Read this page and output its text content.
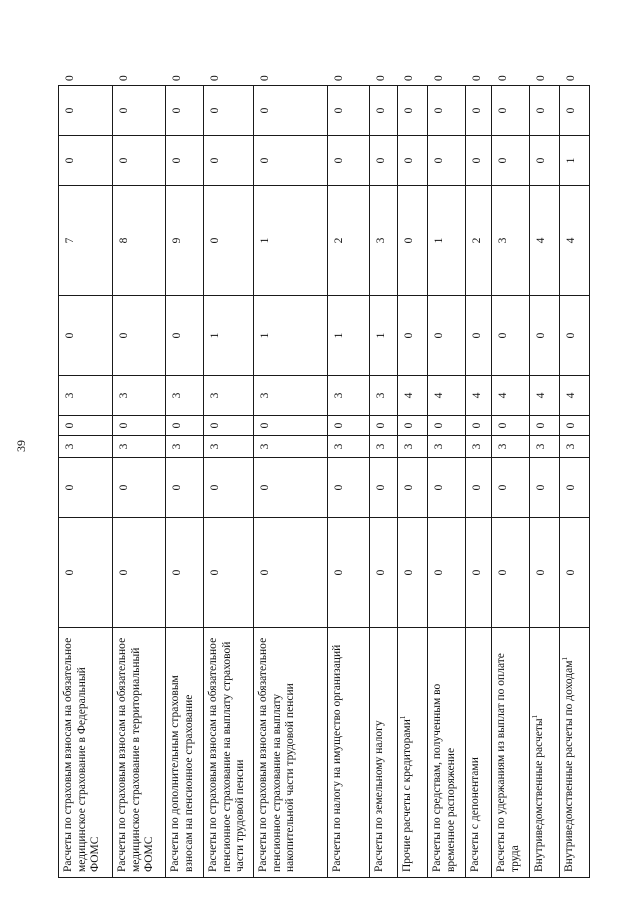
39
Расчеты по страховым взносам на обязательное медицинское страхование в Федеральный ФОМС	0	0	3	0	3	0	7	0	0	0
Расчеты по страховым взносам на обязательное медицинское страхование в территориальный ФОМС	0	0	3	0	3	0	8	0	0	0
Расчеты по дополнительным страховым взносам на пенсионное страхование	0	0	3	0	3	0	9	0	0	0
Расчеты по страховым взносам на обязательное пенсионное страхование на выплату страховой части трудовой пенсии	0	0	3	0	3	1	0	0	0	0
Расчеты по страховым взносам на обязательное пенсионное страхование на выплату накопительной части трудовой пенсии	0	0	3	0	3	1	1	0	0	0
Расчеты по налогу на имущество организаций	0	0	3	0	3	1	2	0	0	0
Расчеты по земельному налогу	0	0	3	0	3	1	3	0	0	0
Прочие расчеты с кредиторами$^1$	0	0	3	0	4	0	0	0	0	0
Расчеты по средствам, полученным во временное распоряжение	0	0	3	0	4	0	1	0	0	0
Расчеты с депонентами	0	0	3	0	4	0	2	0	0	0
Расчеты по удержаниям из выплат по оплате труда	0	0	3	0	4	0	3	0	0	0
Внутриведомственные расчеты$^1$	0	0	3	0	4	0	4	0	0	0
Внутриведомственные расчеты по доходам$^1$	0	0	3	0	4	0	4	1	0	0
